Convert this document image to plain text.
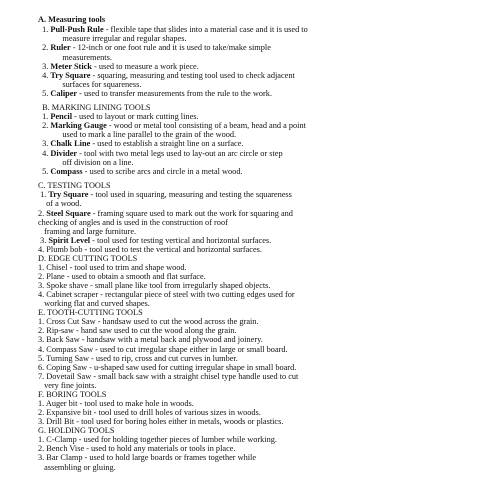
A. Measuring tools
1. Pull-Push Rule - flexible tape that slides into a material case and it is used to
measure irregular and regular shapes.
2. Ruler - 12-inch or one foot rule and it is used to take/make simple
measurements.
3. Meter Stick - used to measure a work piece.
4. Try Square - squaring, measuring and testing tool used to check adjacent
surfaces for squareness.
5. Caliper - used to transfer measurements from the rule to the work.
B. MARKING LINING TOOLS
1. Pencil - used to layout or mark cutting lines.
2. Marking Gauge - wood or metal tool consisting of a beam, head and a point
used to mark a line parallel to the grain of the wood.
3. Chalk Line - used to establish a straight line on a surface.
4. Divider - tool with two metal legs used to lay-out an arc circle or step
off division on a line.
5. Compass - used to scribe arcs and circle in a metal wood.
C. TESTING TOOLS
1. Try Square - tool used in squaring, measuring and testing the squareness
of a wood.
2. Steel Square - framing square used to mark out the work for squaring and
checking of angles and is used in the construction of roof
framing and large furniture.
3. Spirit Level - tool used for testing vertical and horizontal surfaces.
4. Plumb bob - tool used to test the vertical and horizontal surfaces.
D. EDGE CUTTING TOOLS
1. Chisel - tool used to trim and shape wood.
2. Plane - used to obtain a smooth and flat surface.
3. Spoke shave - small plane like tool from irregularly shaped objects.
4. Cabinet scraper - rectangular piece of steel with two cutting edges used for
working flat and curved shapes.
E. TOOTH-CUTTING TOOLS
1. Cross Cut Saw - handsaw used to cut the wood across the grain.
2. Rip-saw - hand saw used to cut the wood along the grain.
3. Back Saw - handsaw with a metal back and plywood and joinery.
4. Compass Saw - used to cut irregular shape either in large or small board.
5. Turning Saw - used to rip, cross and cut curves in lumber.
6. Coping Saw - u-shaped saw used for cutting irregular shape in small board.
7. Dovetail Saw - small back saw with a straight chisel type handle used to cut
very fine joints.
F. BORING TOOLS
1. Auger bit - tool used to make hole in woods.
2. Expansive bit - tool used to drill holes of various sizes in woods.
3. Drill Bit - tool used for boring holes either in metals, woods or plastics.
G. HOLDING TOOLS
1. C-Clamp - used for holding together pieces of lumber while working.
2. Bench Vise - used to hold any materials or tools in place.
3. Bar Clamp - used to hold large boards or frames together while
assembling or gluing.
